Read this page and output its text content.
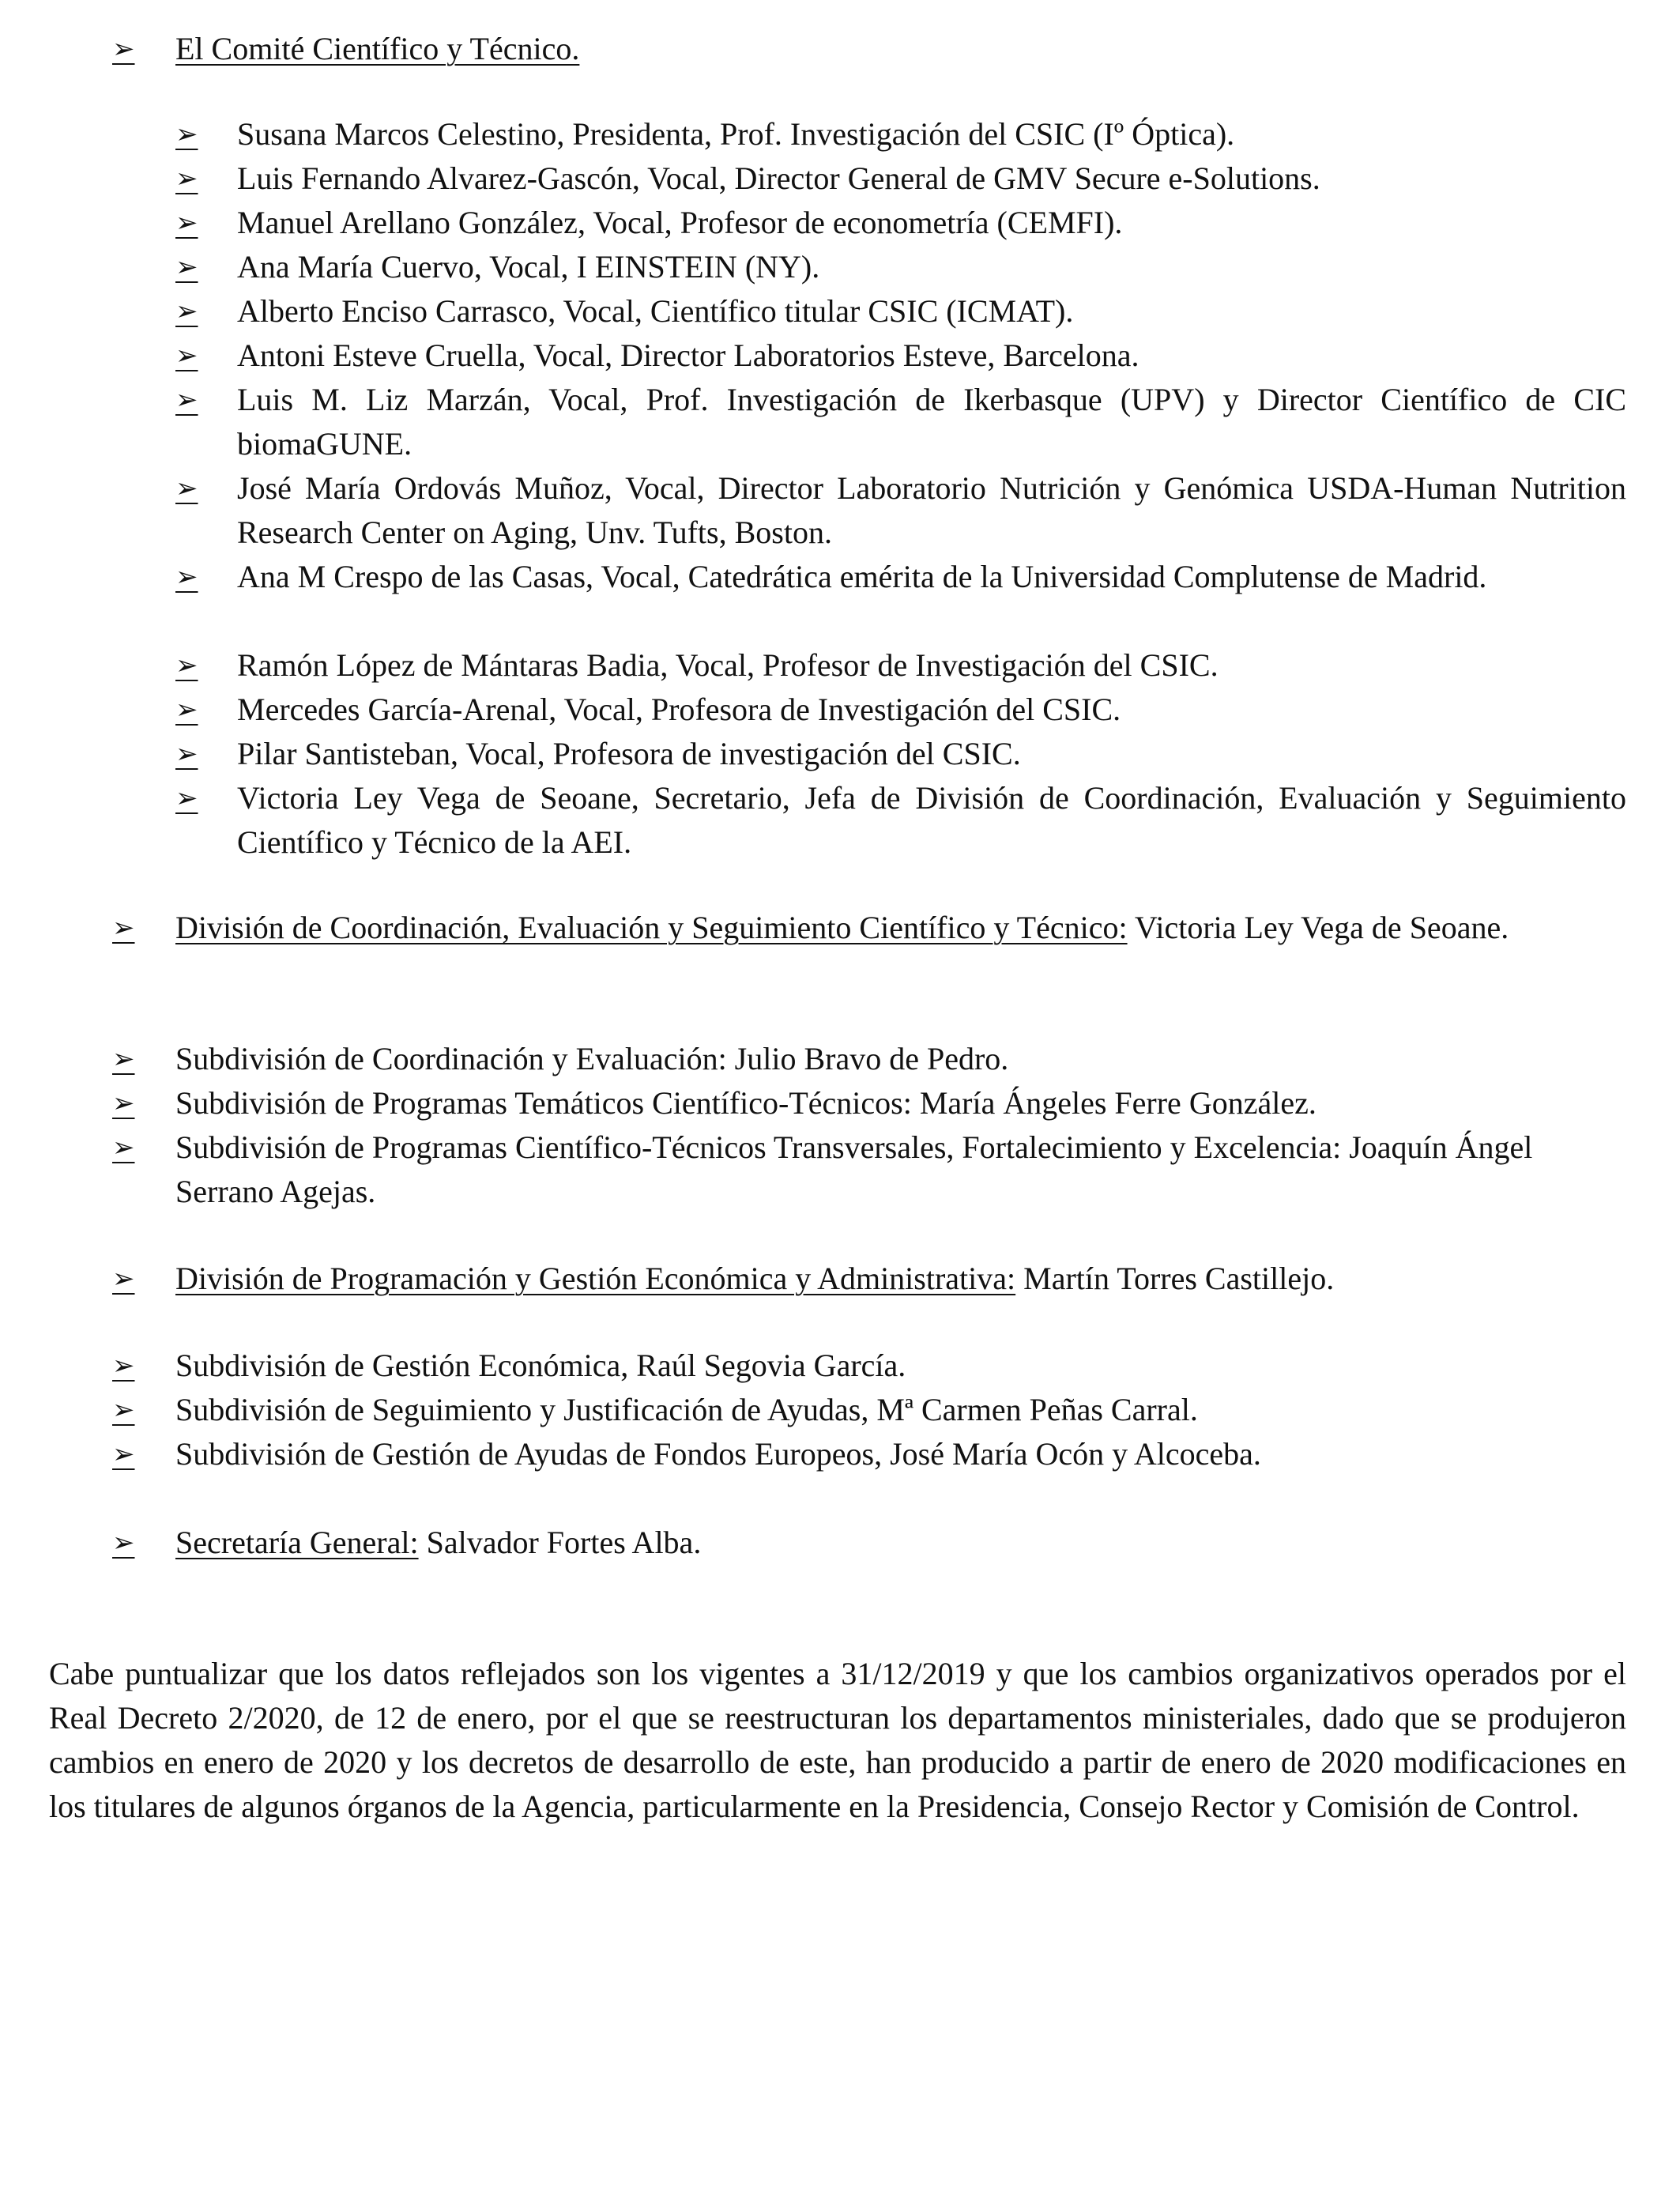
➢ El Comité Científico y Técnico.
➢ Susana Marcos Celestino, Presidenta, Prof. Investigación del CSIC (Iº Óptica).
➢ Luis Fernando Alvarez-Gascón, Vocal, Director General de GMV Secure e-Solutions.
➢ Manuel Arellano González, Vocal, Profesor de econometría (CEMFI).
➢ Ana María Cuervo, Vocal, I EINSTEIN (NY).
➢ Alberto Enciso Carrasco, Vocal, Científico titular CSIC (ICMAT).
➢ Antoni Esteve Cruella, Vocal, Director Laboratorios Esteve, Barcelona.
➢ Luis M. Liz Marzán, Vocal, Prof. Investigación de Ikerbasque (UPV) y Director Científico de CIC biomaGUNE.
➢ José María Ordovás Muñoz, Vocal, Director Laboratorio Nutrición y Genómica USDA-Human Nutrition Research Center on Aging, Unv. Tufts, Boston.
➢ Ana M Crespo de las Casas, Vocal, Catedrática emérita de la Universidad Complutense de Madrid.
➢ Ramón López de Mántaras Badia, Vocal, Profesor de Investigación del CSIC.
➢ Mercedes García-Arenal, Vocal, Profesora de Investigación del CSIC.
➢ Pilar Santisteban, Vocal, Profesora de investigación del CSIC.
➢ Victoria Ley Vega de Seoane, Secretario, Jefa de División de Coordinación, Evaluación y Seguimiento Científico y Técnico de la AEI.
➢ División de Coordinación, Evaluación y Seguimiento Científico y Técnico: Victoria Ley Vega de Seoane.
➢ Subdivisión de Coordinación y Evaluación: Julio Bravo de Pedro.
➢ Subdivisión de Programas Temáticos Científico-Técnicos: María Ángeles Ferre González.
➢ Subdivisión de Programas Científico-Técnicos Transversales, Fortalecimiento y Excelencia: Joaquín Ángel Serrano Agejas.
➢ División de Programación y Gestión Económica y Administrativa: Martín Torres Castillejo.
➢ Subdivisión de Gestión Económica, Raúl Segovia García.
➢ Subdivisión de Seguimiento y Justificación de Ayudas, Mª Carmen Peñas Carral.
➢ Subdivisión de Gestión de Ayudas de Fondos Europeos, José María Ocón y Alcoceba.
➢ Secretaría General: Salvador Fortes Alba.

Cabe puntualizar que los datos reflejados son los vigentes a 31/12/2019 y que los cambios organizativos operados por el Real Decreto 2/2020, de 12 de enero, por el que se reestructuran los departamentos ministeriales, dado que se produjeron cambios en enero de 2020 y los decretos de desarrollo de este, han producido a partir de enero de 2020 modificaciones en los titulares de algunos órganos de la Agencia, particularmente en la Presidencia, Consejo Rector y Comisión de Control.
